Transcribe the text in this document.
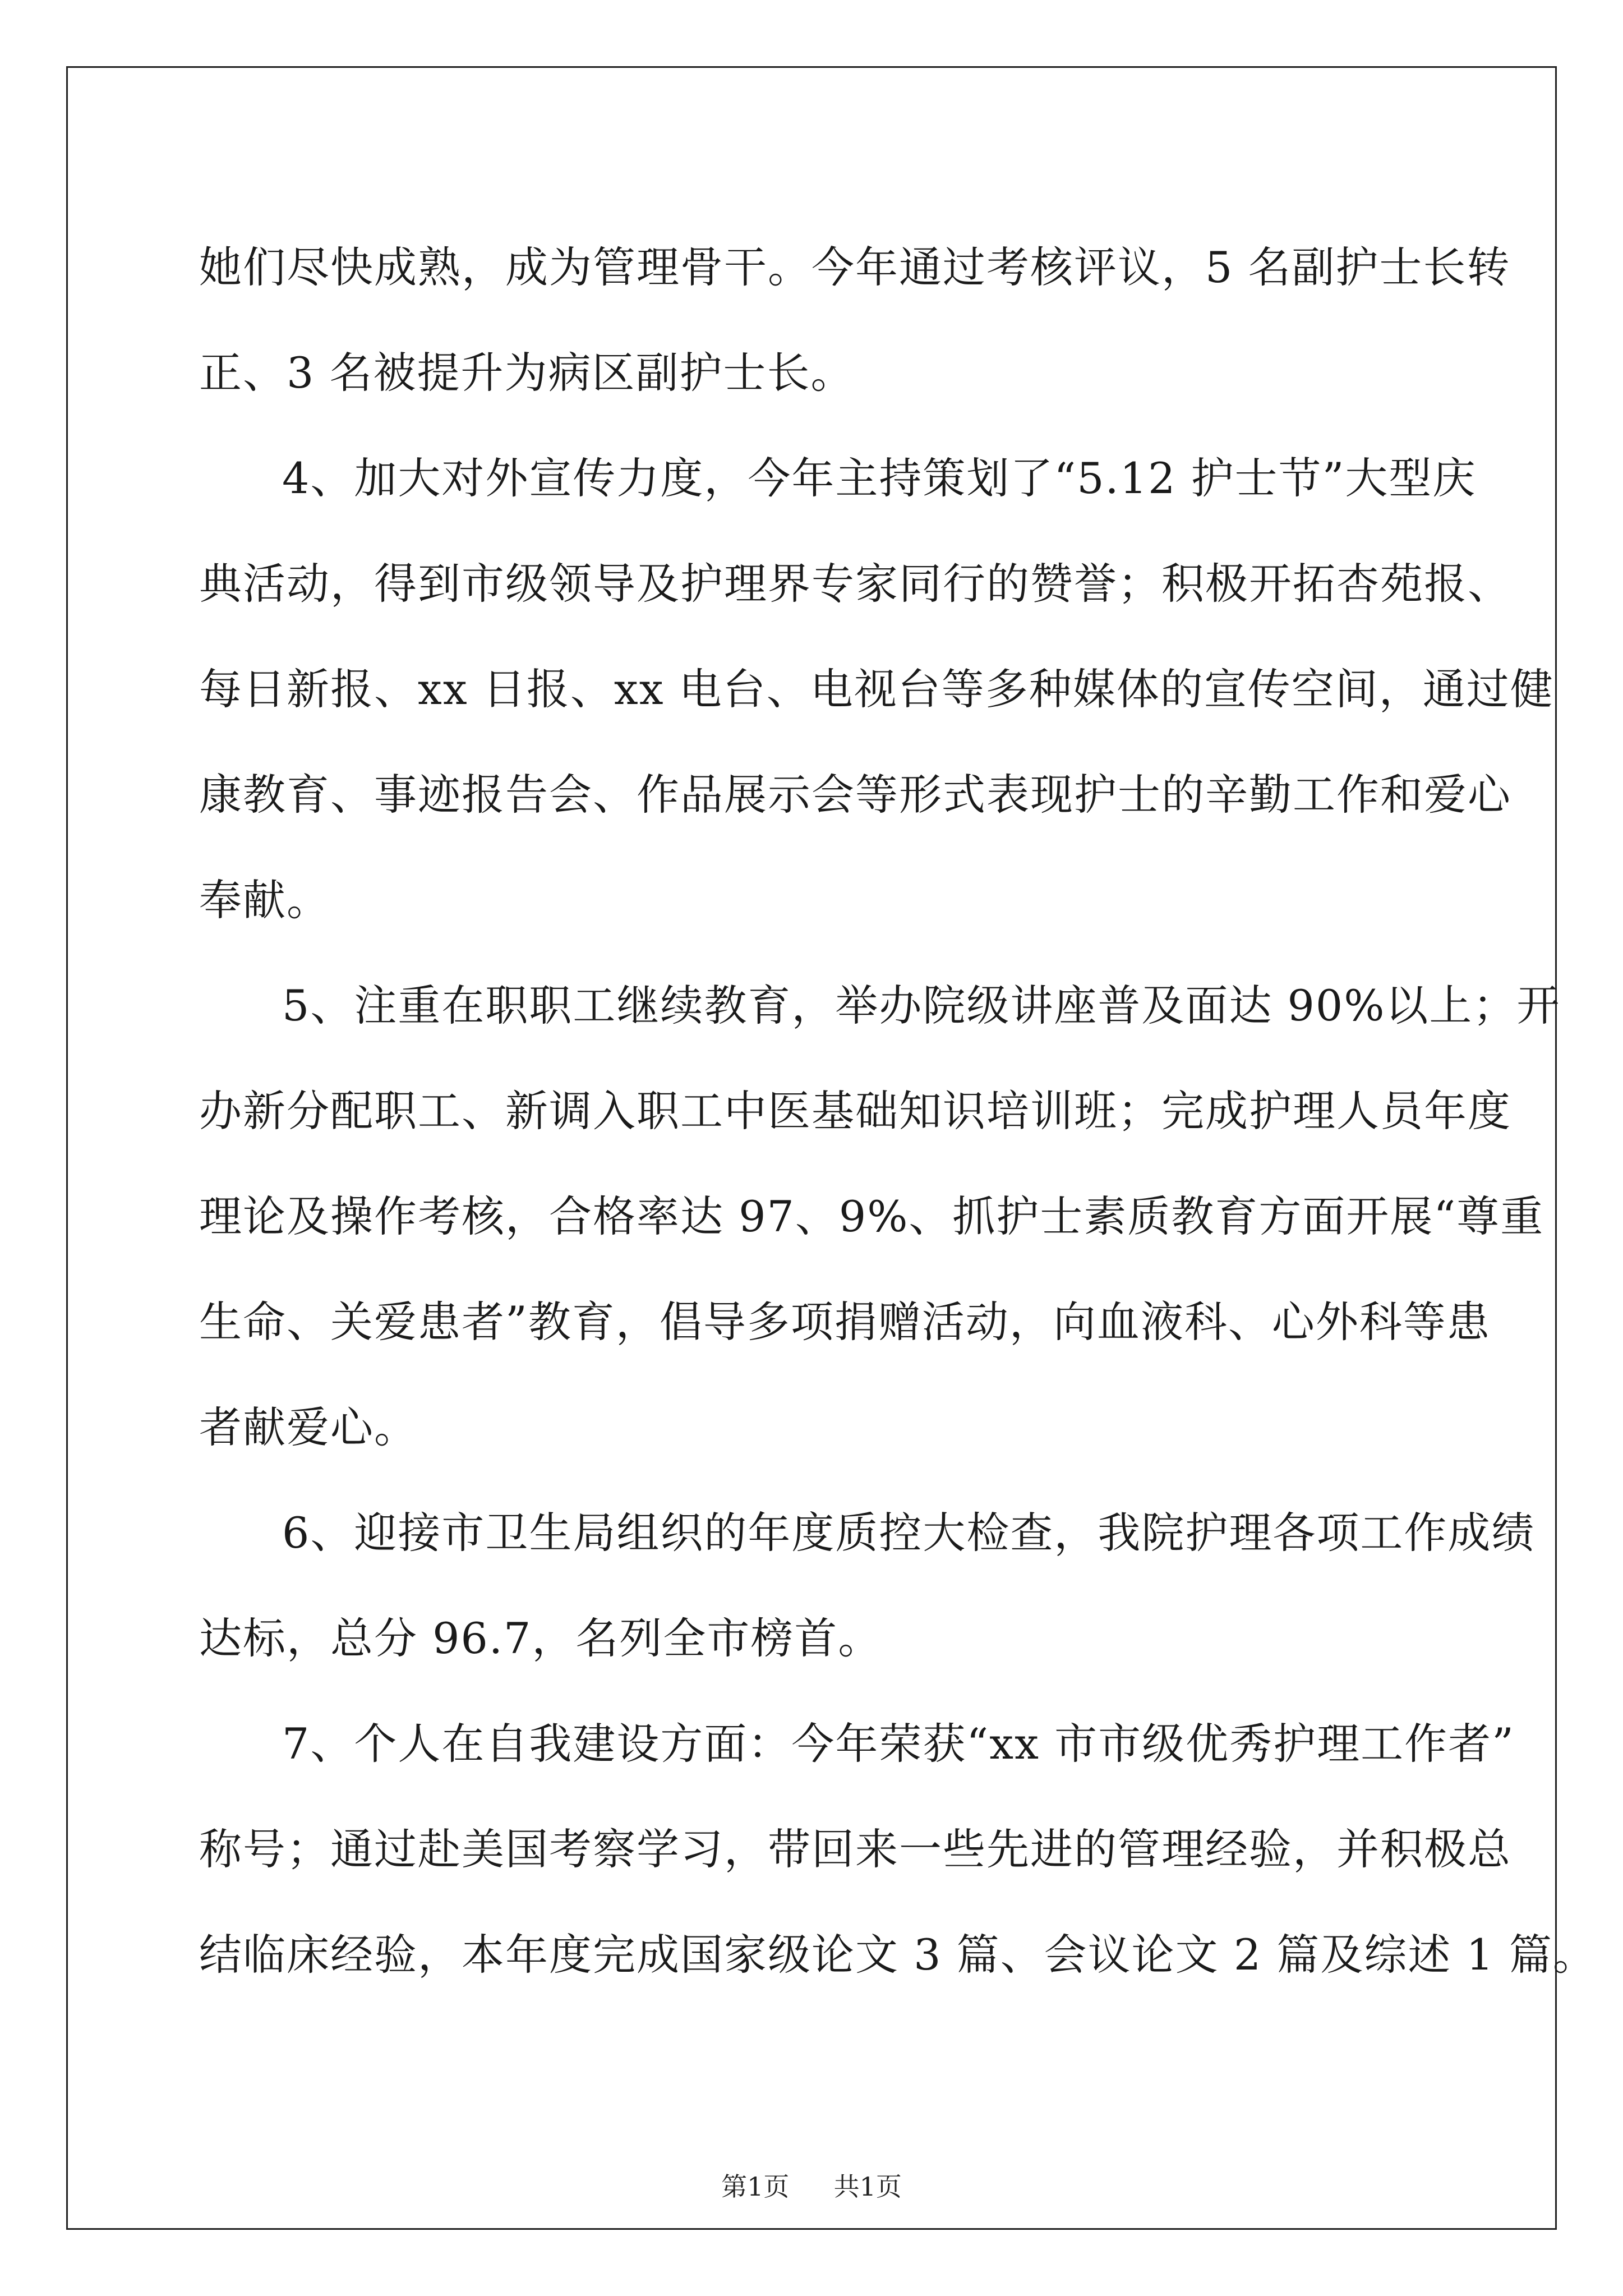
她们尽快成熟，成为管理骨干。今年通过考核评议，5 名副护士长转
正、3 名被提升为病区副护士长。
4、加大对外宣传力度，今年主持策划了“5.12 护士节”大型庆
典活动，得到市级领导及护理界专家同行的赞誉；积极开拓杏苑报、
每日新报、xx 日报、xx 电台、电视台等多种媒体的宣传空间，通过健
康教育、事迹报告会、作品展示会等形式表现护士的辛勤工作和爱心
奉献。
5、注重在职职工继续教育，举办院级讲座普及面达 90%以上；开
办新分配职工、新调入职工中医基础知识培训班；完成护理人员年度
理论及操作考核，合格率达 97、9%、抓护士素质教育方面开展“尊重
生命、关爱患者”教育，倡导多项捐赠活动，向血液科、心外科等患
者献爱心。
6、迎接市卫生局组织的年度质控大检查，我院护理各项工作成绩
达标，总分 96.7，名列全市榜首。
7、个人在自我建设方面：今年荣获“xx 市市级优秀护理工作者”
称号；通过赴美国考察学习，带回来一些先进的管理经验，并积极总
结临床经验，本年度完成国家级论文 3 篇、会议论文 2 篇及综述 1 篇。
第1页 共1页
